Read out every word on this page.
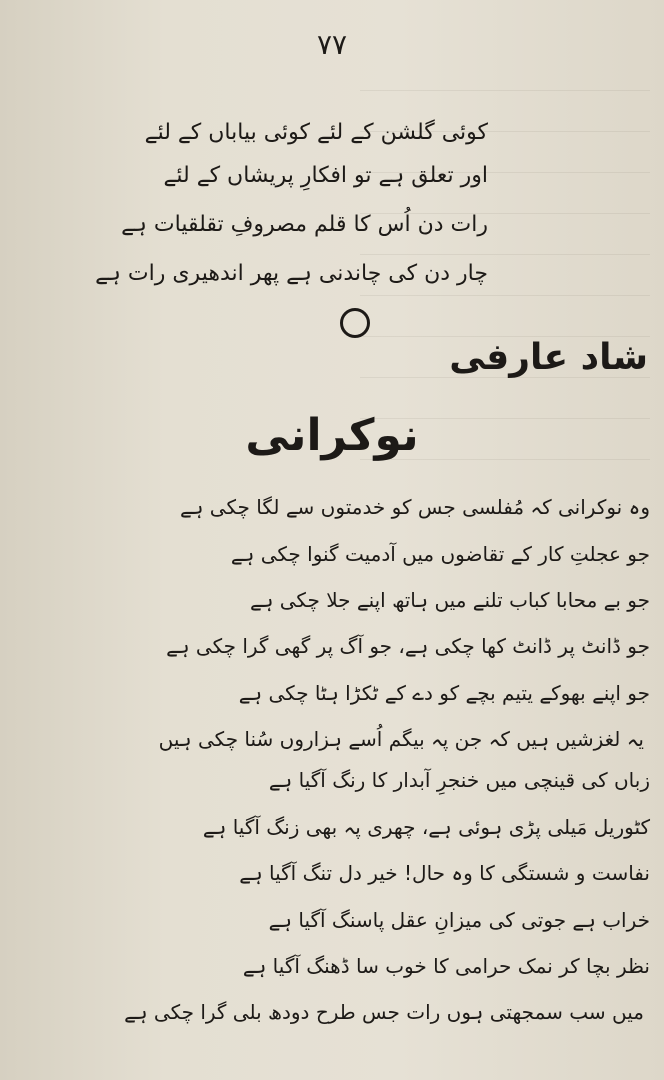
۷۷
کوئی گلشن کے لئے کوئی بیاباں کے لئے
اور تعلق ہے تو افکارِ پریشاں کے لئے
رات دن اُس کا قلم مصروفِ تقلقیات ہے
چار دن کی چاندنی ہے پھر اندھیری رات ہے
شاد عارفی
نوکرانی
وہ نوکرانی کہ مُفلسی جس کو خدمتوں سے لگا چکی ہے
جو عجلتِ کار کے تقاضوں میں آدمیت گنوا چکی ہے
جو بے محابا کباب تلنے میں ہاتھ اپنے جلا چکی ہے
جو ڈانٹ پر ڈانٹ کھا چکی ہے، جو آگ پر گھی گرا چکی ہے
جو اپنے بھوکے یتیم بچے کو دے کے ٹکڑا ہٹا چکی ہے
یہ لغزشیں ہیں کہ جن پہ بیگم اُسے ہزاروں سُنا چکی ہیں
زباں کی قینچی میں خنجرِ آبدار کا رنگ آگیا ہے
کٹوریل مَیلی پڑی ہوئی ہے، چھری پہ بھی زنگ آگیا ہے
نفاست و شستگی کا وہ حال! خیر دل تنگ آگیا ہے
خراب ہے جوتی کی میزانِ عقل پاسنگ آگیا ہے
نظر بچا کر نمک حرامی کا خوب سا ڈھنگ آگیا ہے
میں سب سمجھتی ہوں رات جس طرح دودھ بلی گرا چکی ہے
